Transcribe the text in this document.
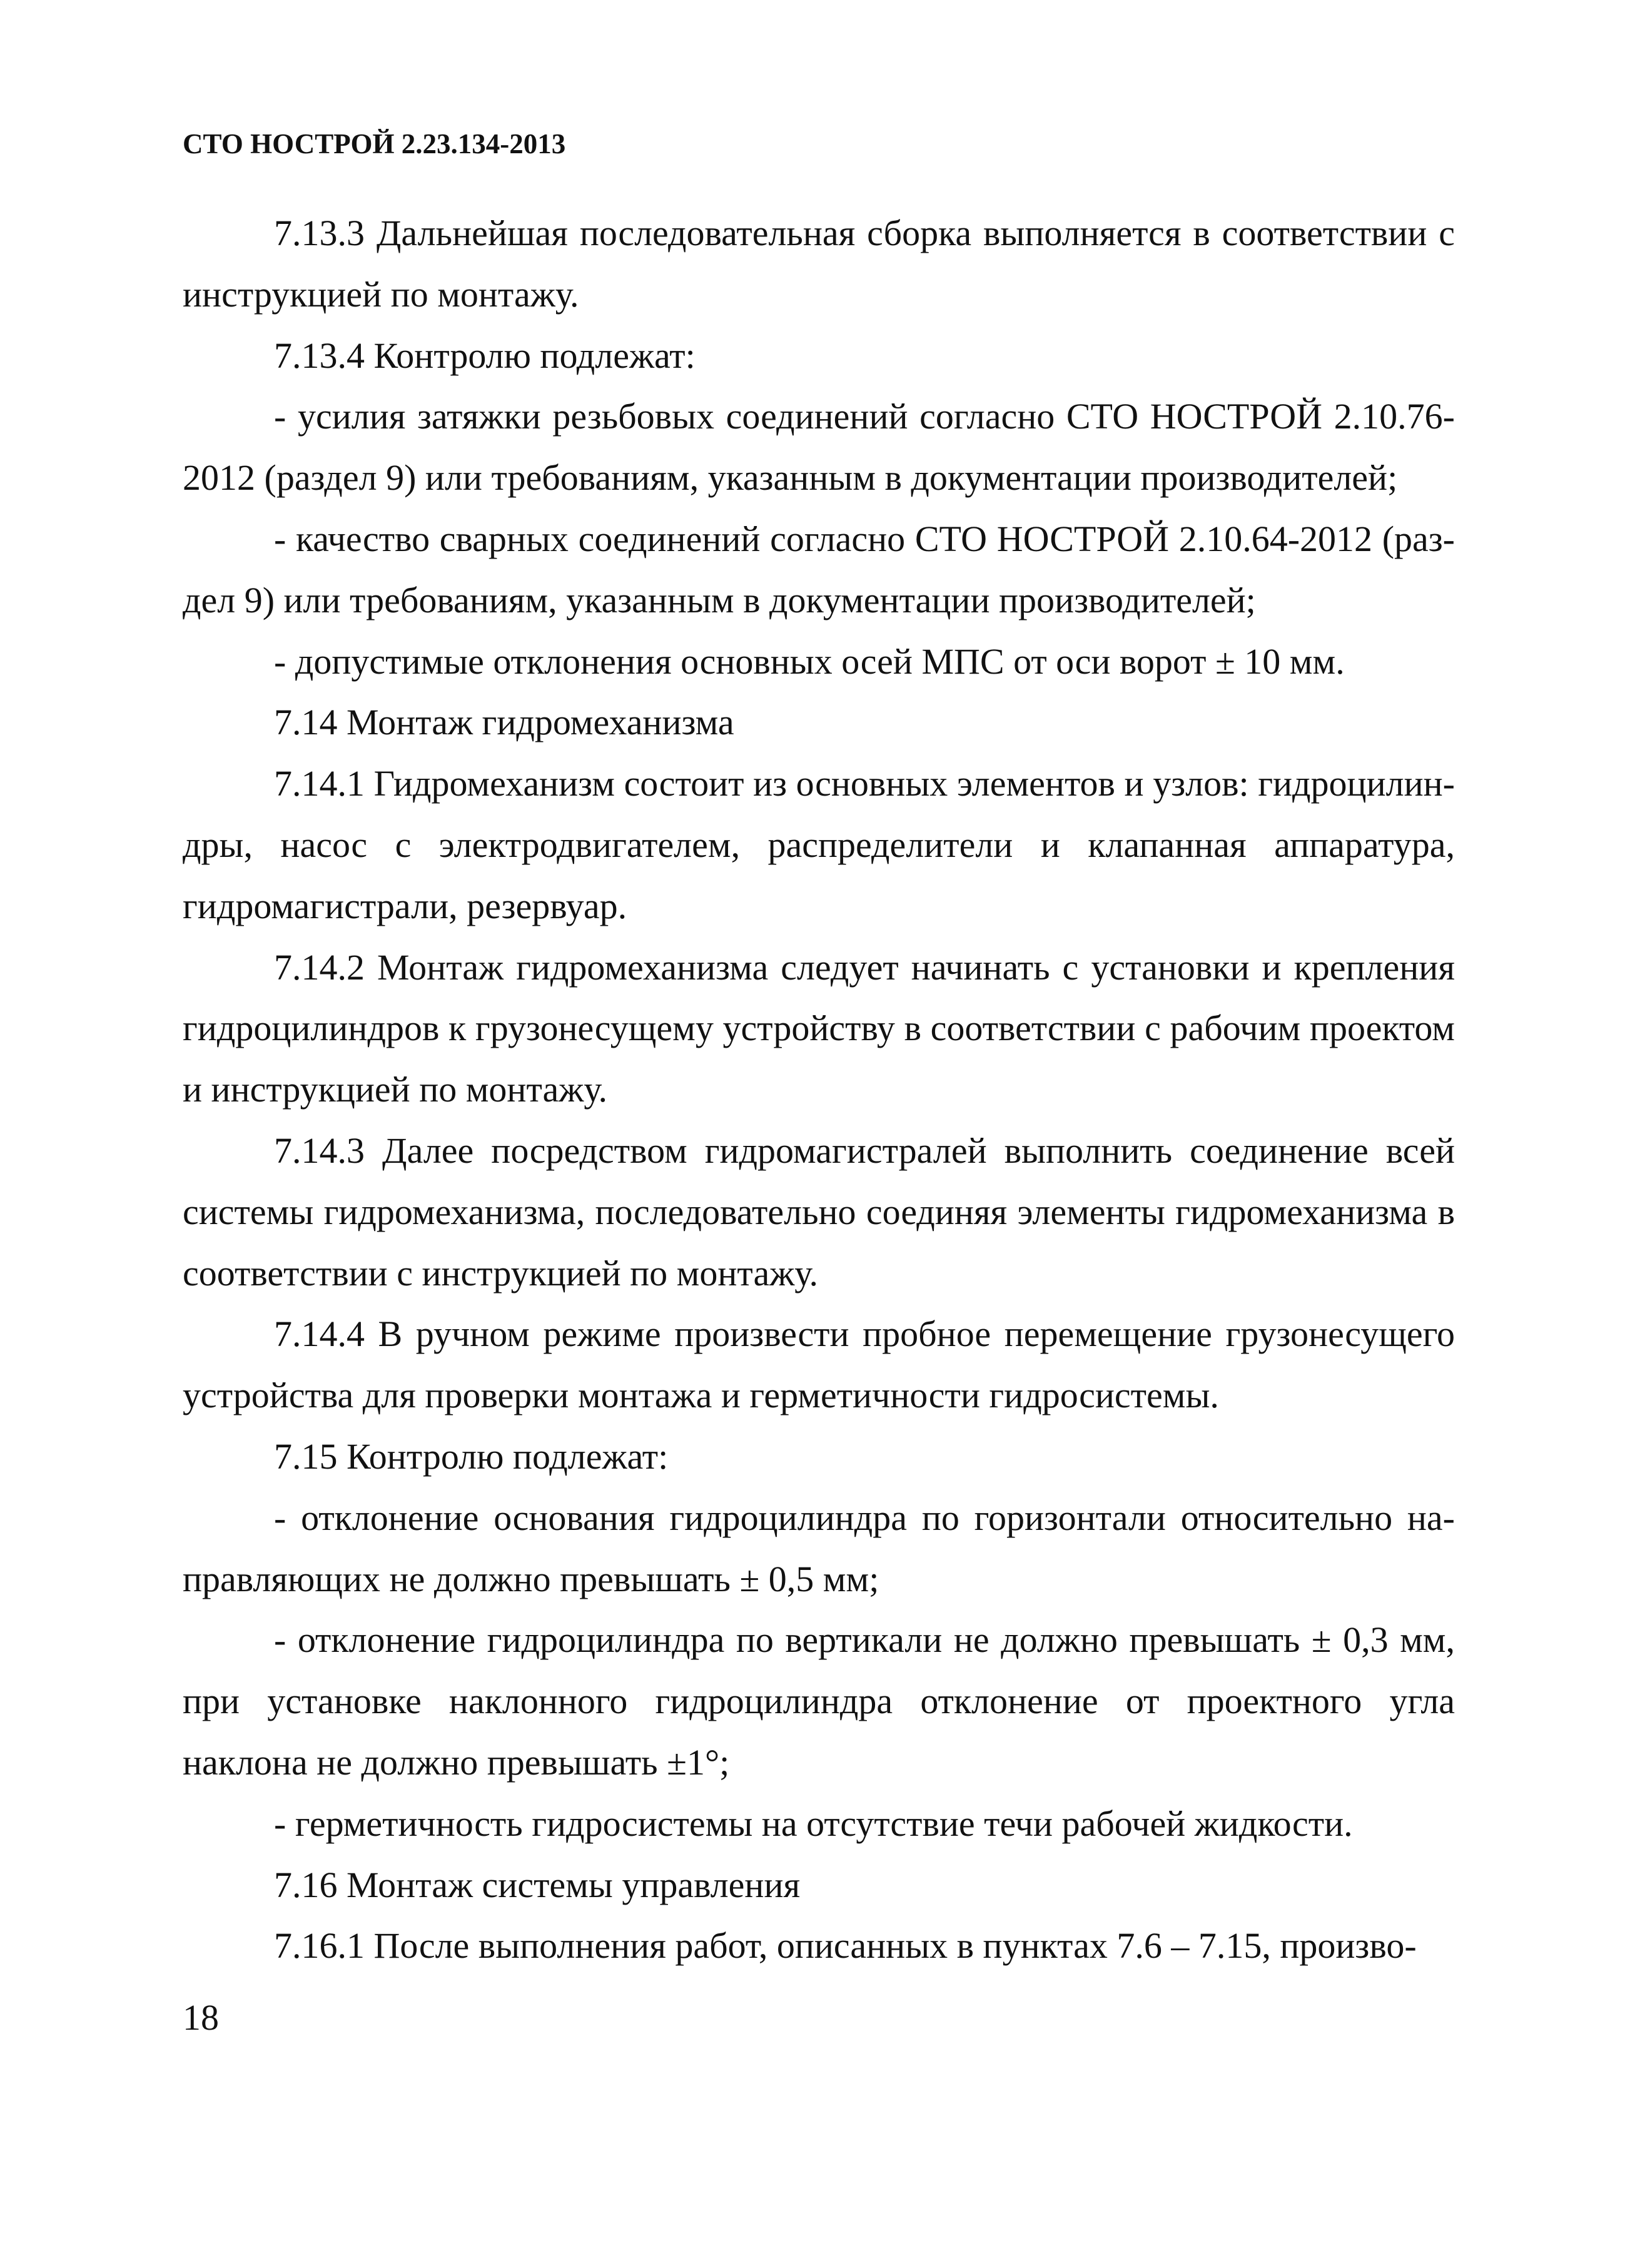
СТО НОСТРОЙ 2.23.134-2013

7.13.3 Дальнейшая последовательная сборка выполняется в соответствии с инструкцией по монтажу.

7.13.4 Контролю подлежат:

- усилия затяжки резьбовых соединений согласно СТО НОСТРОЙ 2.10.76-2012 (раздел 9) или требованиям, указанным в документации производителей;

- качество сварных соединений согласно СТО НОСТРОЙ 2.10.64-2012 (раздел 9) или требованиям, указанным в документации производителей;

- допустимые отклонения основных осей МПС от оси ворот ± 10 мм.

7.14 Монтаж гидромеханизма

7.14.1 Гидромеханизм состоит из основных элементов и узлов: гидроцилиндры, насос с электродвигателем, распределители и клапанная аппаратура, гидромагистрали, резервуар.

7.14.2 Монтаж гидромеханизма следует начинать с установки и крепления гидроцилиндров к грузонесущему устройству в соответствии с рабочим проектом и инструкцией по монтажу.

7.14.3 Далее посредством гидромагистралей выполнить соединение всей системы гидромеханизма, последовательно соединяя элементы гидромеханизма в соответствии с инструкцией по монтажу.

7.14.4 В ручном режиме произвести пробное перемещение грузонесущего устройства для проверки монтажа и герметичности гидросистемы.

7.15 Контролю подлежат:

- отклонение основания гидроцилиндра по горизонтали относительно направляющих не должно превышать ± 0,5 мм;

- отклонение гидроцилиндра по вертикали не должно превышать ± 0,3 мм, при установке наклонного гидроцилиндра отклонение от проектного угла наклона не должно превышать ±1°;

- герметичность гидросистемы на отсутствие течи рабочей жидкости.

7.16 Монтаж системы управления

7.16.1 После выполнения работ, описанных в пунктах 7.6 – 7.15, произво-

18
